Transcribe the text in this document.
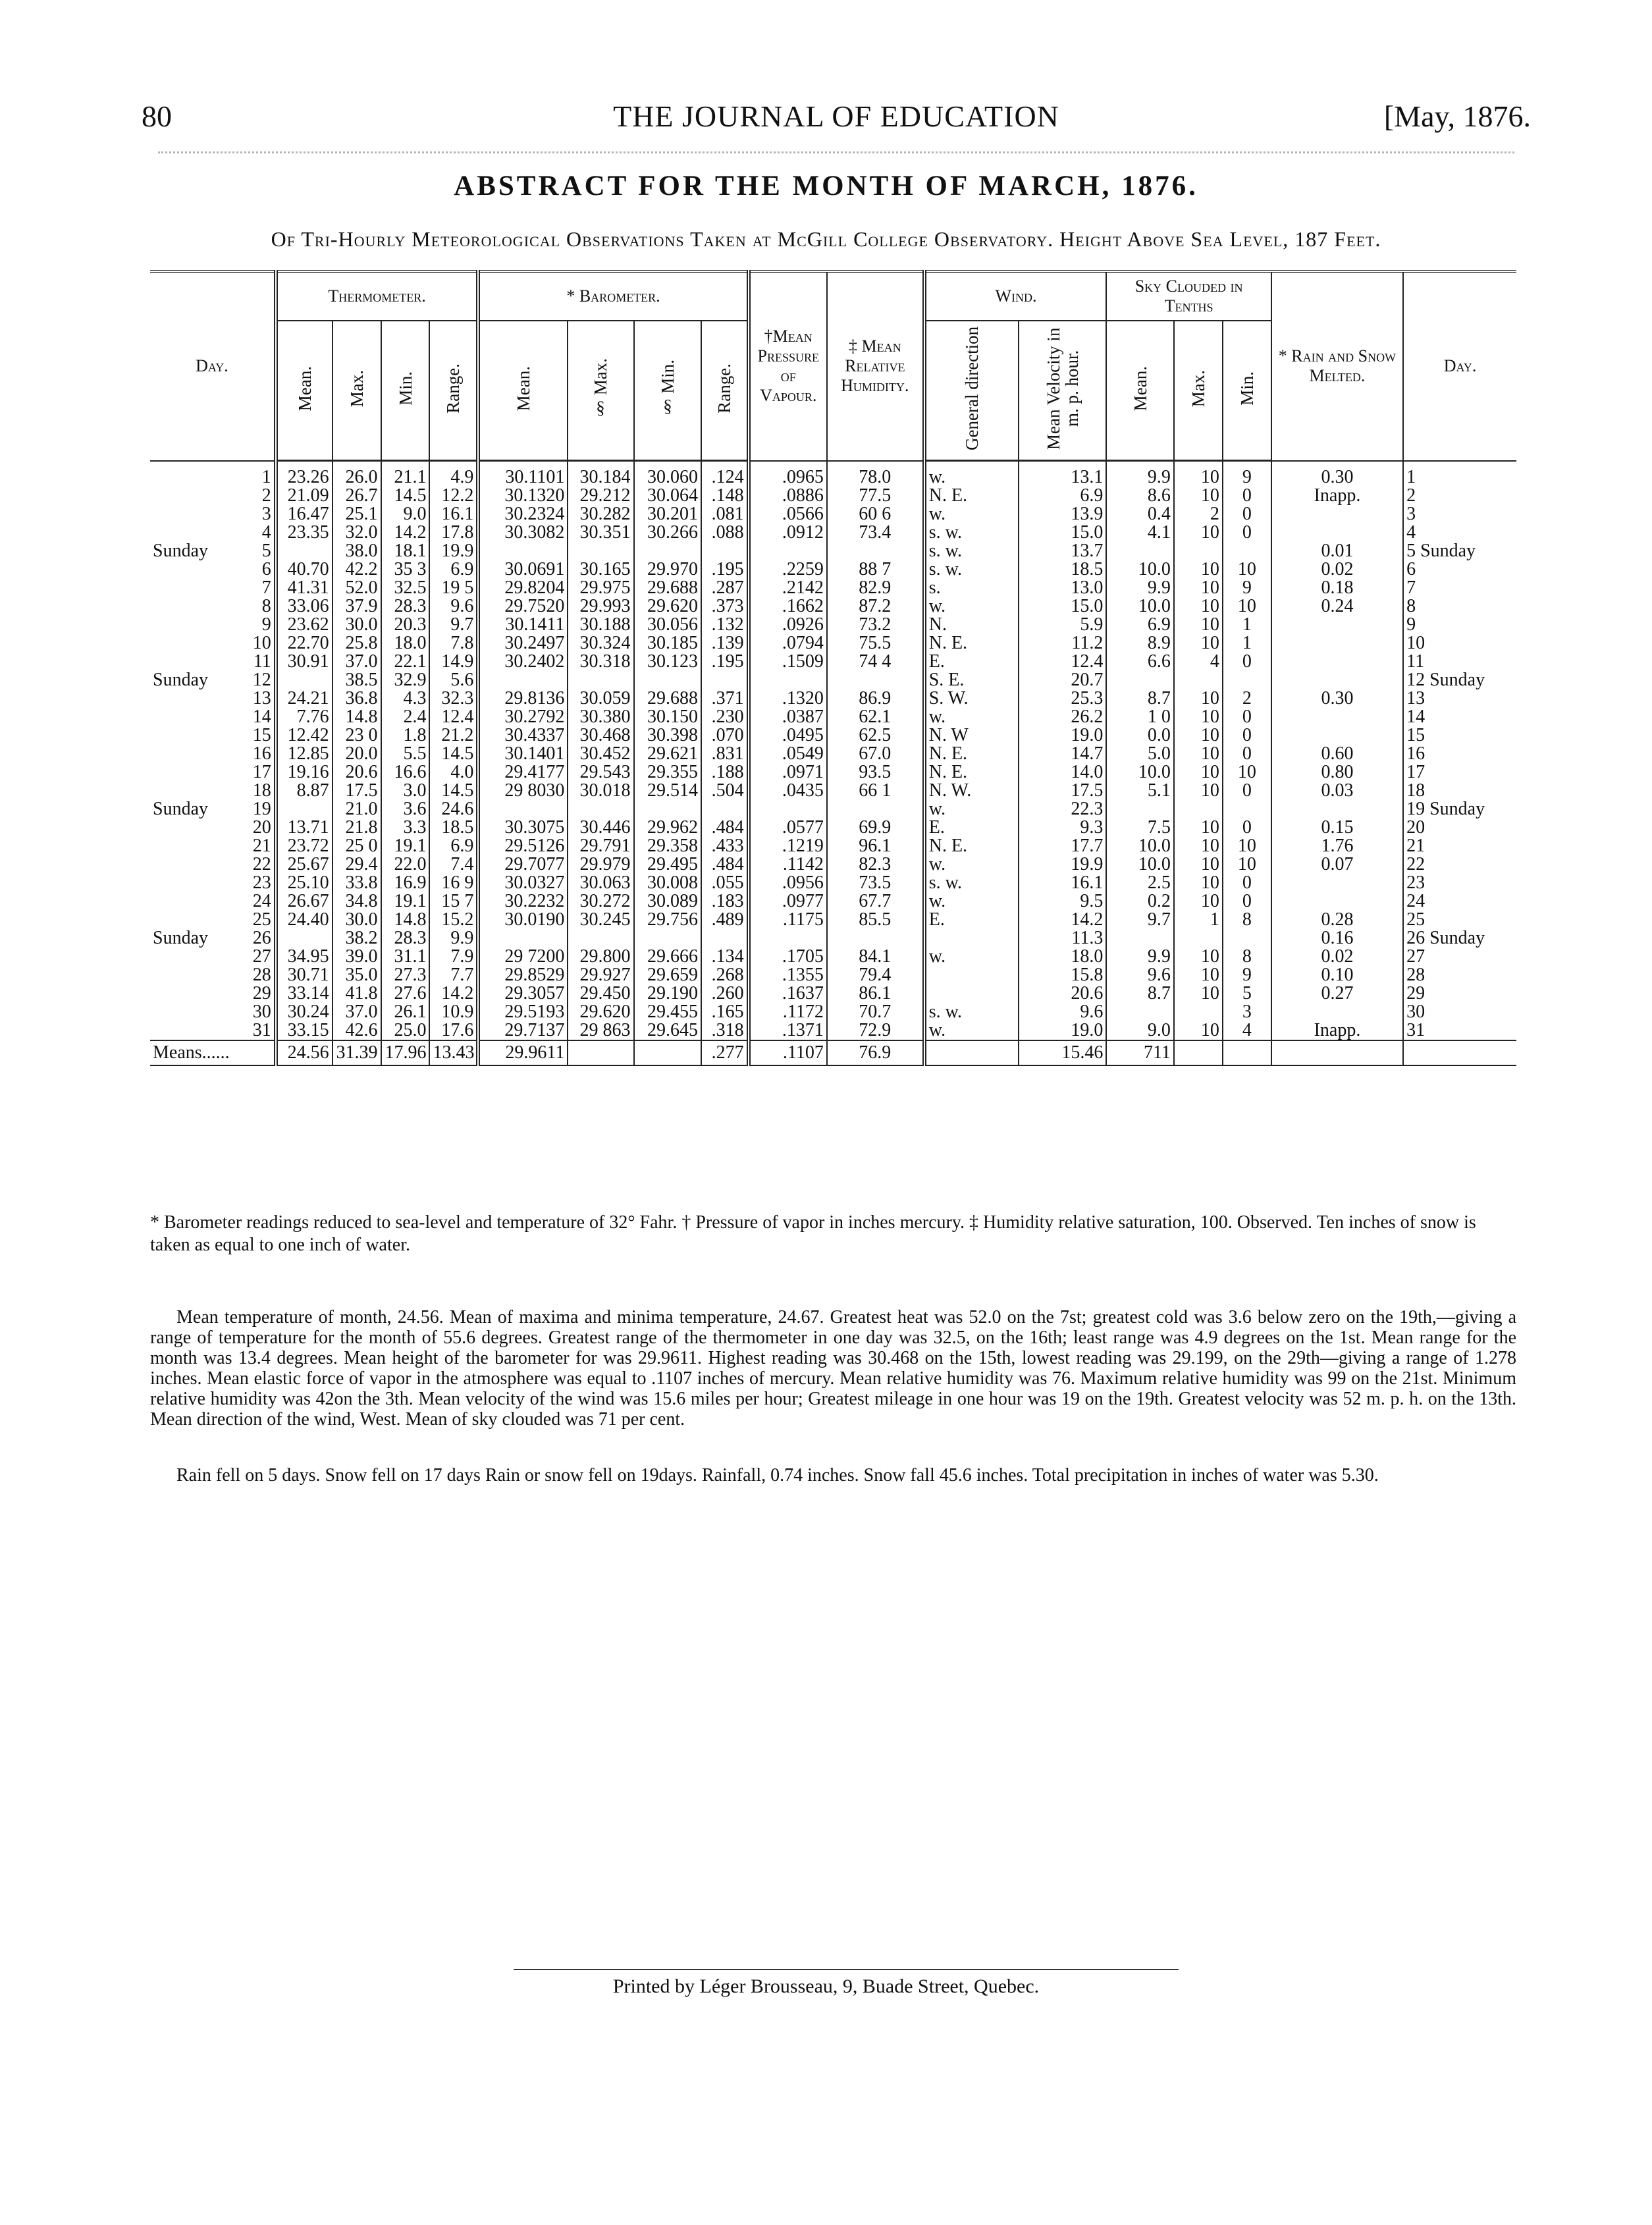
80	THE JOURNAL OF EDUCATION	[May, 1876.
ABSTRACT FOR THE MONTH OF MARCH, 1876.
Of Tri-Hourly Meteorological Observations Taken at McGill College Observatory. Height Above Sea Level, 187 Feet.
Day.		Thermometer.				* Barometer.				†Mean Pressure of Vapour.	‡ Mean Relative Humidity.	Wind.		Sky Clouded in Tenths			* Rain and Snow Melted.	Day.
		Mean.	Max.	Min.	Range.	Mean.	§ Max.	§ Min.	Range.			General direction	Mean Velocity in m. p. hour.	Mean.	Max.	Min.		
	1	23.26	26.0	21.1	4.9	30.1101	30.184	30.060	.124	.0965	78.0	w.	13.1	9.9	10	9	0.30	1
	2	21.09	26.7	14.5	12.2	30.1320	29.212	30.064	.148	.0886	77.5	N. E.	6.9	8.6	10	0	Inapp.	2
	3	16.47	25.1	9.0	16.1	30.2324	30.282	30.201	.081	.0566	60 6	w.	13.9	0.4	2	0		3
	4	23.35	32.0	14.2	17.8	30.3082	30.351	30.266	.088	.0912	73.4	s. w.	15.0	4.1	10	0		4
Sunday	5		38.0	18.1	19.9							s. w.	13.7				0.01	5 Sunday
	6	40.70	42.2	35 3	6.9	30.0691	30.165	29.970	.195	.2259	88 7	s. w.	18.5	10.0	10	10	0.02	6
	7	41.31	52.0	32.5	19 5	29.8204	29.975	29.688	.287	.2142	82.9	s.	13.0	9.9	10	9	0.18	7
	8	33.06	37.9	28.3	9.6	29.7520	29.993	29.620	.373	.1662	87.2	w.	15.0	10.0	10	10	0.24	8
	9	23.62	30.0	20.3	9.7	30.1411	30.188	30.056	.132	.0926	73.2	N.	5.9	6.9	10	1		9
	10	22.70	25.8	18.0	7.8	30.2497	30.324	30.185	.139	.0794	75.5	N. E.	11.2	8.9	10	1		10
	11	30.91	37.0	22.1	14.9	30.2402	30.318	30.123	.195	.1509	74 4	E.	12.4	6.6	4	0		11
Sunday	12		38.5	32.9	5.6							S. E.	20.7					12 Sunday
	13	24.21	36.8	4.3	32.3	29.8136	30.059	29.688	.371	.1320	86.9	S. W.	25.3	8.7	10	2	0.30	13
	14	7.76	14.8	2.4	12.4	30.2792	30.380	30.150	.230	.0387	62.1	w.	26.2	1 0	10	0		14
	15	12.42	23 0	1.8	21.2	30.4337	30.468	30.398	.070	.0495	62.5	N. W	19.0	0.0	10	0		15
	16	12.85	20.0	5.5	14.5	30.1401	30.452	29.621	.831	.0549	67.0	N. E.	14.7	5.0	10	0	0.60	16
	17	19.16	20.6	16.6	4.0	29.4177	29.543	29.355	.188	.0971	93.5	N. E.	14.0	10.0	10	10	0.80	17
	18	8.87	17.5	3.0	14.5	29 8030	30.018	29.514	.504	.0435	66 1	N. W.	17.5	5.1	10	0	0.03	18
Sunday	19		21.0	3.6	24.6							w.	22.3					19 Sunday
	20	13.71	21.8	3.3	18.5	30.3075	30.446	29.962	.484	.0577	69.9	E.	9.3	7.5	10	0	0.15	20
	21	23.72	25 0	19.1	6.9	29.5126	29.791	29.358	.433	.1219	96.1	N. E.	17.7	10.0	10	10	1.76	21
	22	25.67	29.4	22.0	7.4	29.7077	29.979	29.495	.484	.1142	82.3	w.	19.9	10.0	10	10	0.07	22
	23	25.10	33.8	16.9	16 9	30.0327	30.063	30.008	.055	.0956	73.5	s. w.	16.1	2.5	10	0		23
	24	26.67	34.8	19.1	15 7	30.2232	30.272	30.089	.183	.0977	67.7	w.	9.5	0.2	10	0		24
	25	24.40	30.0	14.8	15.2	30.0190	30.245	29.756	.489	.1175	85.5	E.	14.2	9.7	1	8	0.28	25
Sunday	26		38.2	28.3	9.9								11.3				0.16	26 Sunday
	27	34.95	39.0	31.1	7.9	29 7200	29.800	29.666	.134	.1705	84.1	w.	18.0	9.9	10	8	0.02	27
	28	30.71	35.0	27.3	7.7	29.8529	29.927	29.659	.268	.1355	79.4		15.8	9.6	10	9	0.10	28
	29	33.14	41.8	27.6	14.2	29.3057	29.450	29.190	.260	.1637	86.1		20.6	8.7	10	5	0.27	29
	30	30.24	37.0	26.1	10.9	29.5193	29.620	29.455	.165	.1172	70.7	s. w.	9.6			3		30
	31	33.15	42.6	25.0	17.6	29.7137	29 863	29.645	.318	.1371	72.9	w.	19.0	9.0	10	4	Inapp.	31
Means......		24.56	31.39	17.96	13.43	29.9611			.277	.1107	76.9		15.46	711				
* Barometer readings reduced to sea-level and temperature of 32° Fahr. † Pressure of vapor in inches mercury. ‡ Humidity relative saturation, 100. Observed. Ten inches of snow is taken as equal to one inch of water.
Mean temperature of month, 24.56. Mean of maxima and minima temperature, 24.67. Greatest heat was 52.0 on the 7st; greatest cold was 3.6 below zero on the 19th,—giving a range of temperature for the month of 55.6 degrees. Greatest range of the thermometer in one day was 32.5, on the 16th; least range was 4.9 degrees on the 1st. Mean range for the month was 13.4 degrees. Mean height of the barometer for was 29.9611. Highest reading was 30.468 on the 15th, lowest reading was 29.199, on the 29th—giving a range of 1.278 inches. Mean elastic force of vapor in the atmosphere was equal to .1107 inches of mercury. Mean relative humidity was 76. Maximum relative humidity was 99 on the 21st. Minimum relative humidity was 42on the 3th. Mean velocity of the wind was 15.6 miles per hour; Greatest mileage in one hour was 19 on the 19th. Greatest velocity was 52 m. p. h. on the 13th. Mean direction of the wind, West. Mean of sky clouded was 71 per cent.
Rain fell on 5 days. Snow fell on 17 days Rain or snow fell on 19days. Rainfall, 0.74 inches. Snow fall 45.6 inches. Total precipitation in inches of water was 5.30.
Printed by Léger Brousseau, 9, Buade Street, Quebec.
